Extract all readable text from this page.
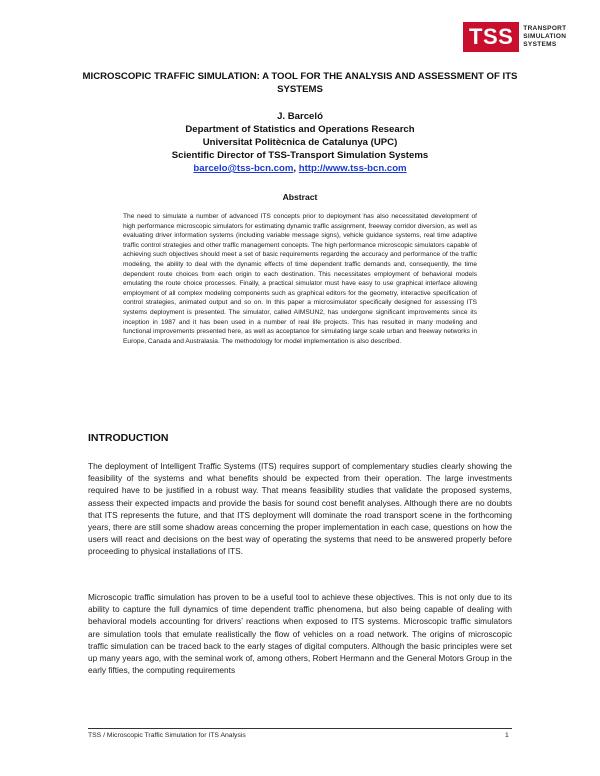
TSS	TRANSPORT
SIMULATION
SYSTEMS
MICROSCOPIC TRAFFIC SIMULATION: A TOOL FOR THE ANALYSIS AND ASSESSMENT OF ITS SYSTEMS
J. Barceló
Department of Statistics and Operations Research
Universitat Politècnica de Catalunya (UPC)
Scientific Director of TSS-Transport Simulation Systems
barcelo@tss-bcn.com, http://www.tss-bcn.com
Abstract
The need to simulate a number of advanced ITS concepts prior to deployment has also necessitated development of high performance microscopic simulators for estimating dynamic traffic assignment, freeway corridor diversion, as well as evaluating driver information systems (including variable message signs), vehicle guidance systems, real time adaptive traffic control strategies and other traffic management concepts. The high performance microscopic simulators capable of achieving such objectives should meet a set of basic requirements regarding the accuracy and performance of the traffic modeling, the ability to deal with the dynamic effects of time dependent traffic demands and, consequently, the time dependent route choices from each origin to each destination. This necessitates employment of behavioral models emulating the route choice processes. Finally, a practical simulator must have easy to use graphical interface allowing employment of all complex modeling components such as graphical editors for the geometry, interactive specification of control strategies, animated output and so on. In this paper a microsimulator specifically designed for assessing ITS systems deployment is presented. The simulator, called AIMSUN2, has undergone significant improvements since its inception in 1987 and it has been used in a number of real life projects. This has resulted in many modeling and functional improvements presented here, as well as acceptance for simulating large scale urban and freeway networks in Europe, Canada and Australasia. The methodology for model implementation is also described.
INTRODUCTION
The deployment of Intelligent Traffic Systems (ITS) requires support of complementary studies clearly showing the feasibility of the systems and what benefits should be expected from their operation. The large investments required have to be justified in a robust way. That means feasibility studies that validate the proposed systems, assess their expected impacts and provide the basis for sound cost benefit analyses. Although there are no doubts that ITS represents the future, and that ITS deployment will dominate the road transport scene in the forthcoming years, there are still some shadow areas concerning the proper implementation in each case, questions on how the users will react and decisions on the best way of operating the systems that need to be answered properly before proceeding to physical installations of ITS.
Microscopic traffic simulation has proven to be a useful tool to achieve these objectives. This is not only due to its ability to capture the full dynamics of time dependent traffic phenomena, but also being capable of dealing with behavioral models accounting for drivers’ reactions when exposed to ITS systems. Microscopic traffic simulators are simulation tools that emulate realistically the flow of vehicles on a road network. The origins of microscopic traffic simulation can be traced back to the early stages of digital computers. Although the basic principles were set up many years ago, with the seminal work of, among others, Robert Hermann and the General Motors Group in the early fifties, the computing requirements
TSS / Microscopic Traffic Simulation for ITS Analysis	1
